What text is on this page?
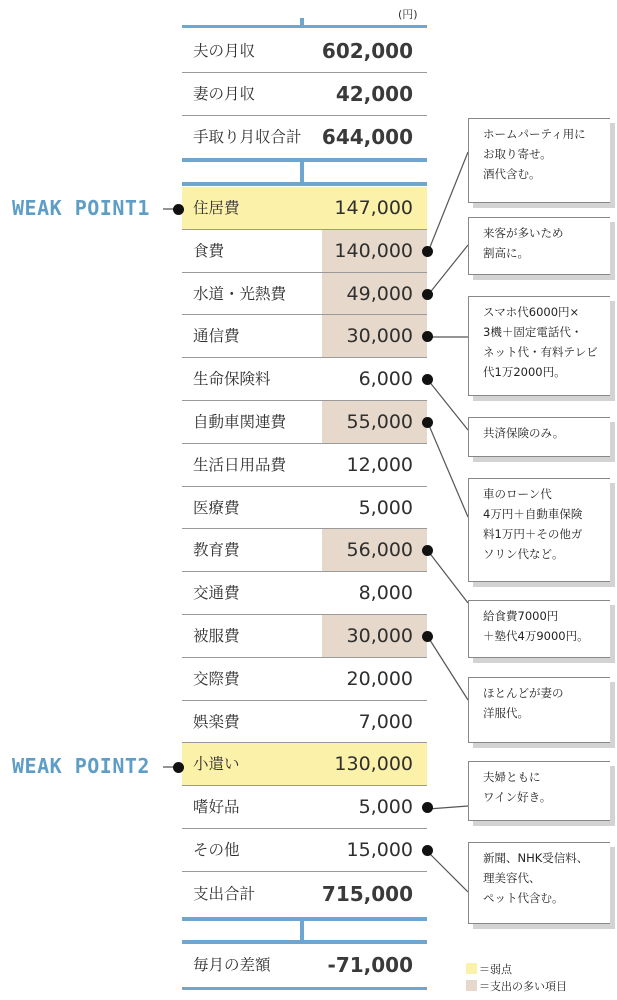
(円)
夫の月収	602,000
妻の月収	42,000
手取り月収合計 644,000
住居費	147,000
食費	140,000
水道・光熱費	49,000
通信費	30,000
生命保険料	6,000
自動車関連費	55,000
生活日用品費	12,000
医療費	5,000
教育費	56,000
交通費	8,000
被服費	30,000
交際費	20,000
娯楽費	7,000
小遣い	130,000
嗜好品	5,000
その他	15,000
支出合計	715,000
毎月の差額	-71,000
WEAK POINT1
WEAK POINT2
ホームパーティ用に
お取り寄せ。
酒代含む。
来客が多いため
割高に。
スマホ代6000円×
3機＋固定電話代・
ネット代・有料テレビ
代1万2000円。
共済保険のみ。
車のローン代
4万円＋自動車保険
料1万円＋その他ガ
ソリン代など。
給食費7000円
＋塾代4万9000円。
ほとんどが妻の
洋服代。
夫婦ともに
ワイン好き。
新聞、NHK受信料、
理美容代、
ペット代含む。
＝弱点
＝支出の多い項目
